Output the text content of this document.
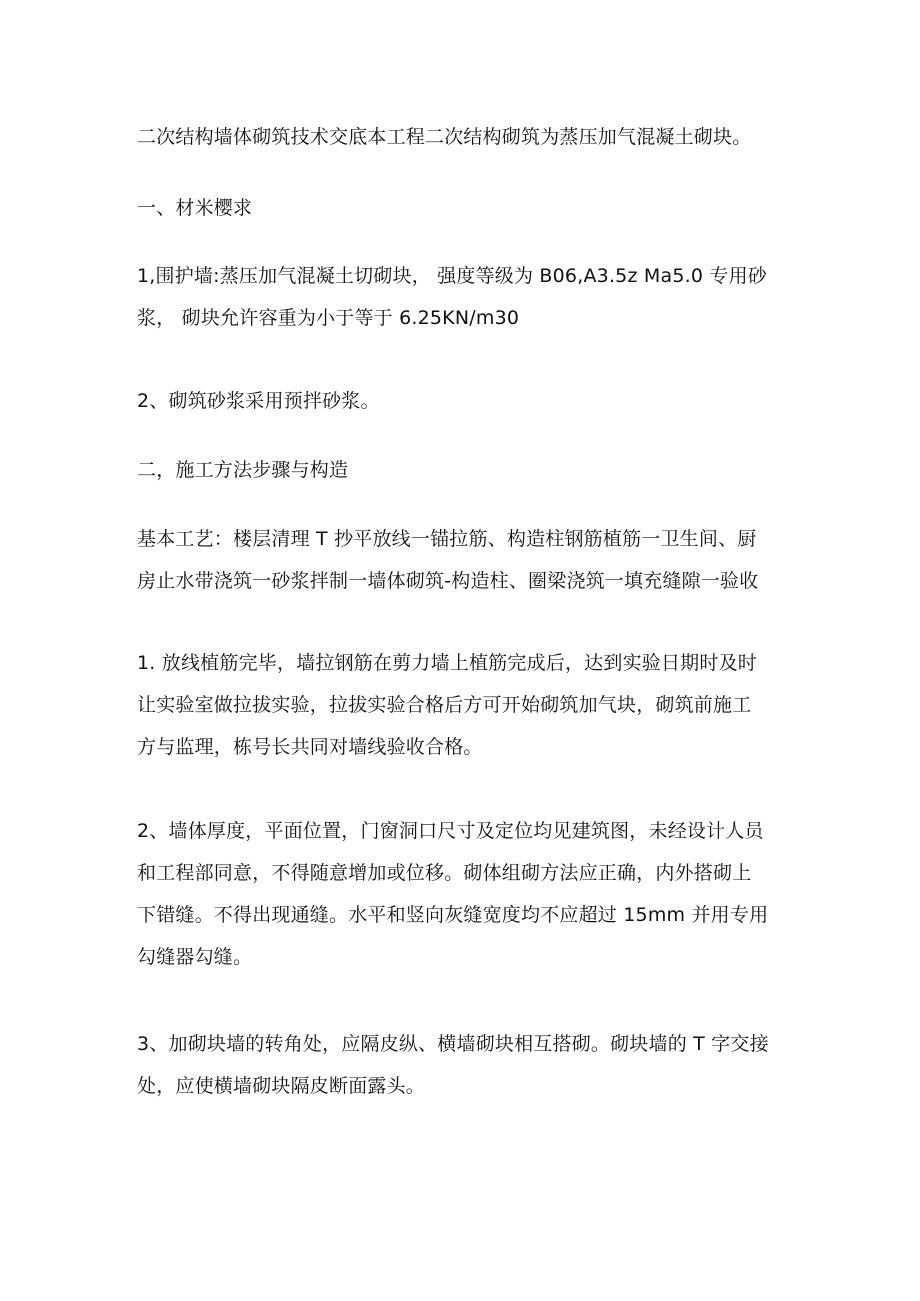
二次结构墙体砌筑技术交底本工程二次结构砌筑为蒸压加气混凝土砌块。

一、材米樱求

1,围护墙:蒸压加气混凝土切砌块， 强度等级为 B06,A3.5z Ma5.0 专用砂
浆， 砌块允许容重为小于等于 6.25KN∕m30

2、砌筑砂浆采用预拌砂浆。

二，施工方法步骤与构造

基本工艺：楼层清理 T 抄平放线一锚拉筋、构造柱钢筋植筋一卫生间、厨
房止水带浇筑一砂浆拌制一墙体砌筑-构造柱、圈梁浇筑一填充缝隙一验收

1. 放线植筋完毕，墙拉钢筋在剪力墙上植筋完成后，达到实验日期时及时
让实验室做拉拔实验，拉拔实验合格后方可开始砌筑加气块，砌筑前施工
方与监理，栋号长共同对墙线验收合格。

2、墙体厚度，平面位置，门窗洞口尺寸及定位均见建筑图，未经设计人员
和工程部同意，不得随意增加或位移。砌体组砌方法应正确，内外搭砌上
下错缝。不得出现通缝。水平和竖向灰缝宽度均不应超过 15mm 并用专用
勾缝器勾缝。

3、加砌块墙的转角处，应隔皮纵、横墙砌块相互搭砌。砌块墙的 T 字交接
处，应使横墙砌块隔皮断面露头。
